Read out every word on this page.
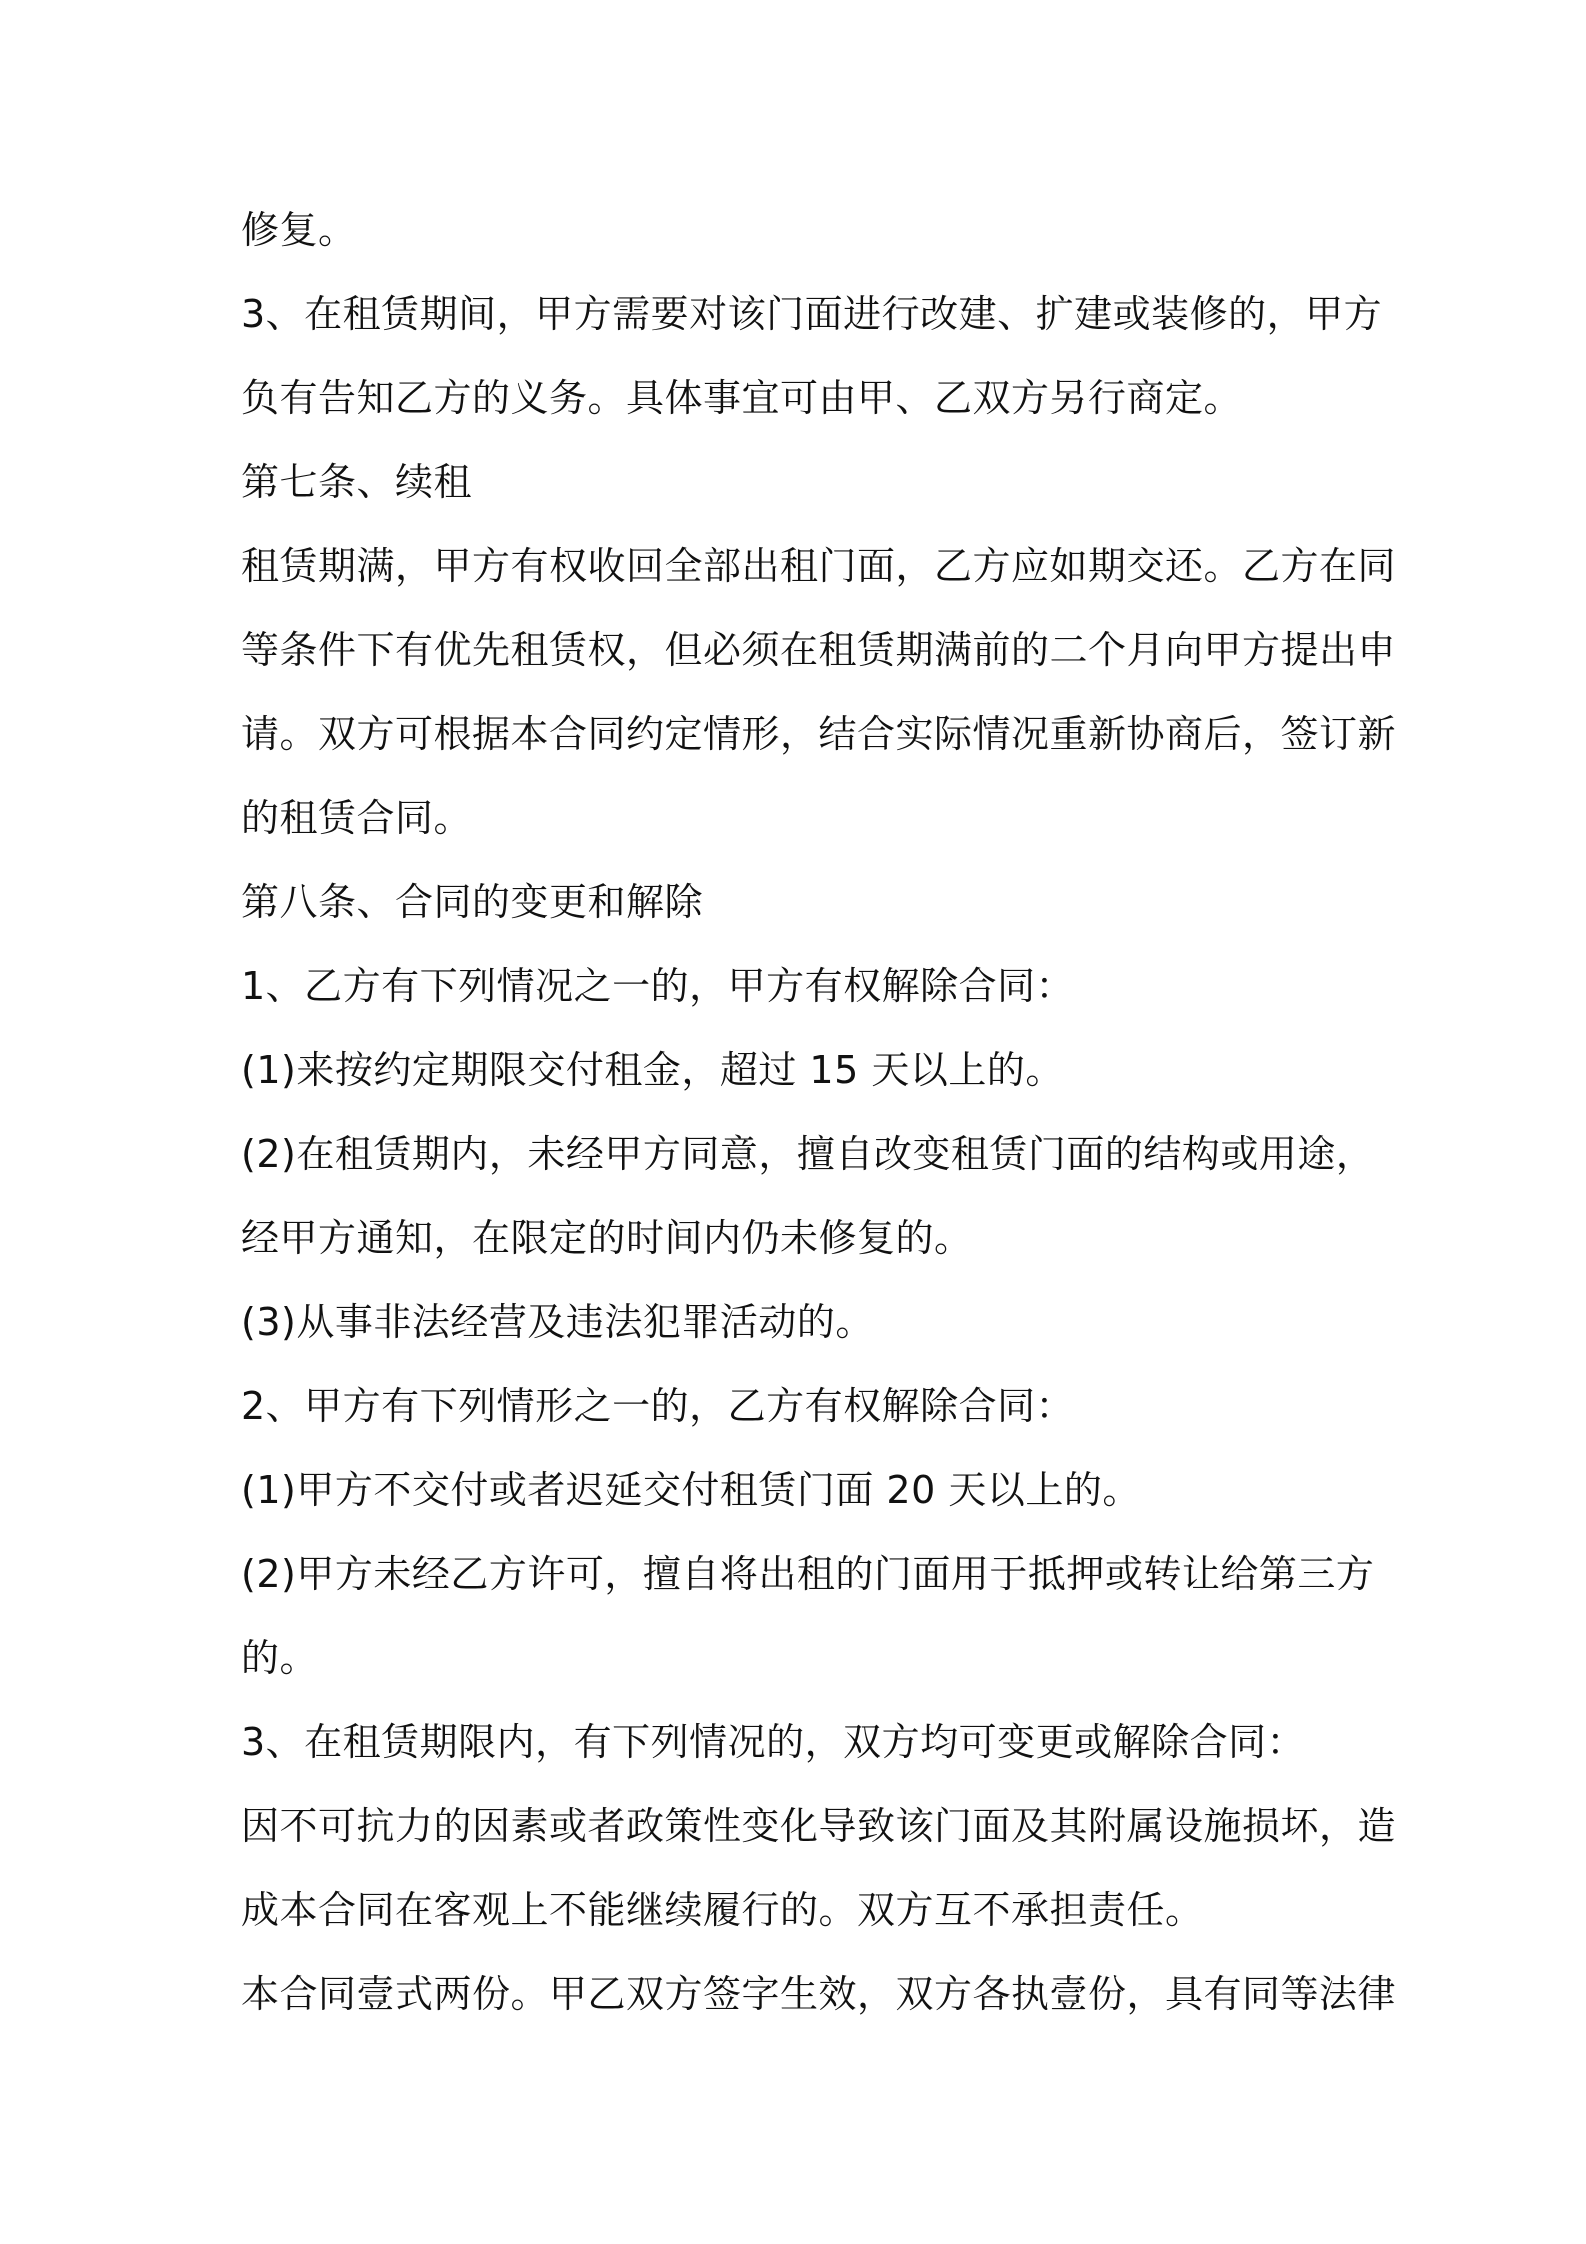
修复。
3、在租赁期间，甲方需要对该门面进行改建、扩建或装修的，甲方
负有告知乙方的义务。具体事宜可由甲、乙双方另行商定。
第七条、续租
租赁期满，甲方有权收回全部出租门面，乙方应如期交还。乙方在同
等条件下有优先租赁权，但必须在租赁期满前的二个月向甲方提出申
请。双方可根据本合同约定情形，结合实际情况重新协商后，签订新
的租赁合同。
第八条、合同的变更和解除
1、乙方有下列情况之一的，甲方有权解除合同：
(1)来按约定期限交付租金，超过 15 天以上的。
(2)在租赁期内，未经甲方同意，擅自改变租赁门面的结构或用途，
经甲方通知，在限定的时间内仍未修复的。
(3)从事非法经营及违法犯罪活动的。
2、甲方有下列情形之一的，乙方有权解除合同：
(1)甲方不交付或者迟延交付租赁门面 20 天以上的。
(2)甲方未经乙方许可，擅自将出租的门面用于抵押或转让给第三方
的。
3、在租赁期限内，有下列情况的，双方均可变更或解除合同：
因不可抗力的因素或者政策性变化导致该门面及其附属设施损坏，造
成本合同在客观上不能继续履行的。双方互不承担责任。
本合同壹式两份。甲乙双方签字生效，双方各执壹份，具有同等法律
